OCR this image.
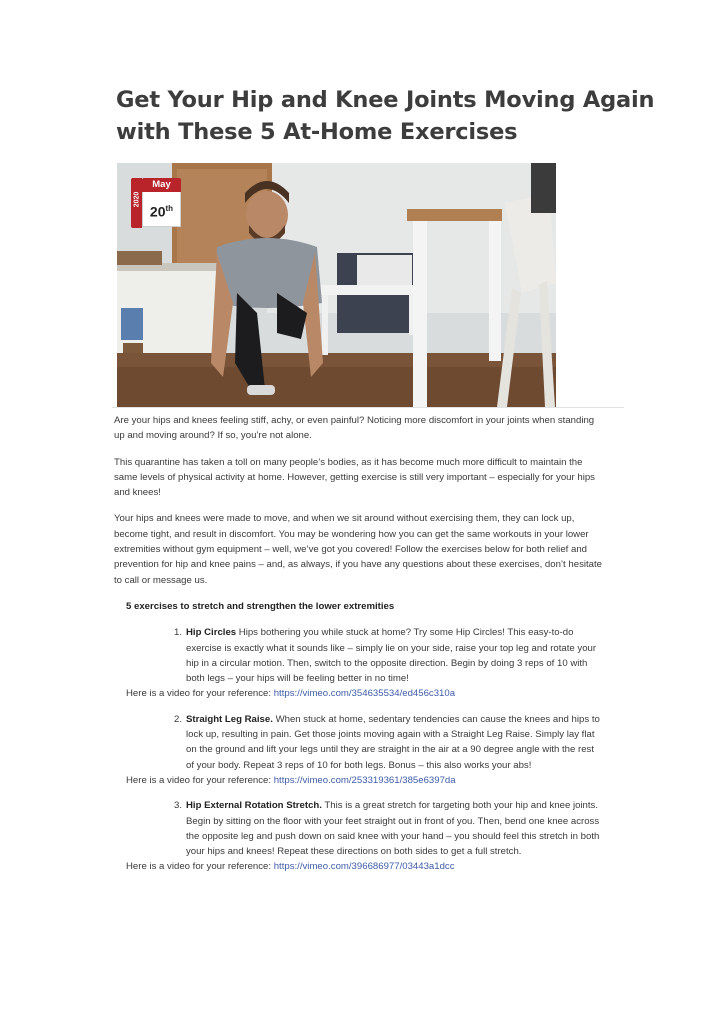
Get Your Hip and Knee Joints Moving Again with These 5 At-Home Exercises
May
2020
20th

Are your hips and knees feeling stiff, achy, or even painful? Noticing more discomfort in your joints when standing up and moving around? If so, you’re not alone.

This quarantine has taken a toll on many people’s bodies, as it has become much more difficult to maintain the same levels of physical activity at home. However, getting exercise is still very important – especially for your hips and knees!

Your hips and knees were made to move, and when we sit around without exercising them, they can lock up, become tight, and result in discomfort. You may be wondering how you can get the same workouts in your lower extremities without gym equipment – well, we’ve got you covered! Follow the exercises below for both relief and prevention for hip and knee pains – and, as always, if you have any questions about these exercises, don’t hesitate to call or message us.

5 exercises to stretch and strengthen the lower extremities
1. Hip Circles Hips bothering you while stuck at home? Try some Hip Circles! This easy-to-do exercise is exactly what it sounds like – simply lie on your side, raise your top leg and rotate your hip in a circular motion. Then, switch to the opposite direction. Begin by doing 3 reps of 10 with both legs – your hips will be feeling better in no time!
Here is a video for your reference: https://vimeo.com/354635534/ed456c310a
2. Straight Leg Raise. When stuck at home, sedentary tendencies can cause the knees and hips to lock up, resulting in pain. Get those joints moving again with a Straight Leg Raise. Simply lay flat on the ground and lift your legs until they are straight in the air at a 90 degree angle with the rest of your body. Repeat 3 reps of 10 for both legs. Bonus – this also works your abs!
Here is a video for your reference: https://vimeo.com/253319361/385e6397da
3. Hip External Rotation Stretch. This is a great stretch for targeting both your hip and knee joints. Begin by sitting on the floor with your feet straight out in front of you. Then, bend one knee across the opposite leg and push down on said knee with your hand – you should feel this stretch in both your hips and knees! Repeat these directions on both sides to get a full stretch.
Here is a video for your reference: https://vimeo.com/396686977/03443a1dcc
